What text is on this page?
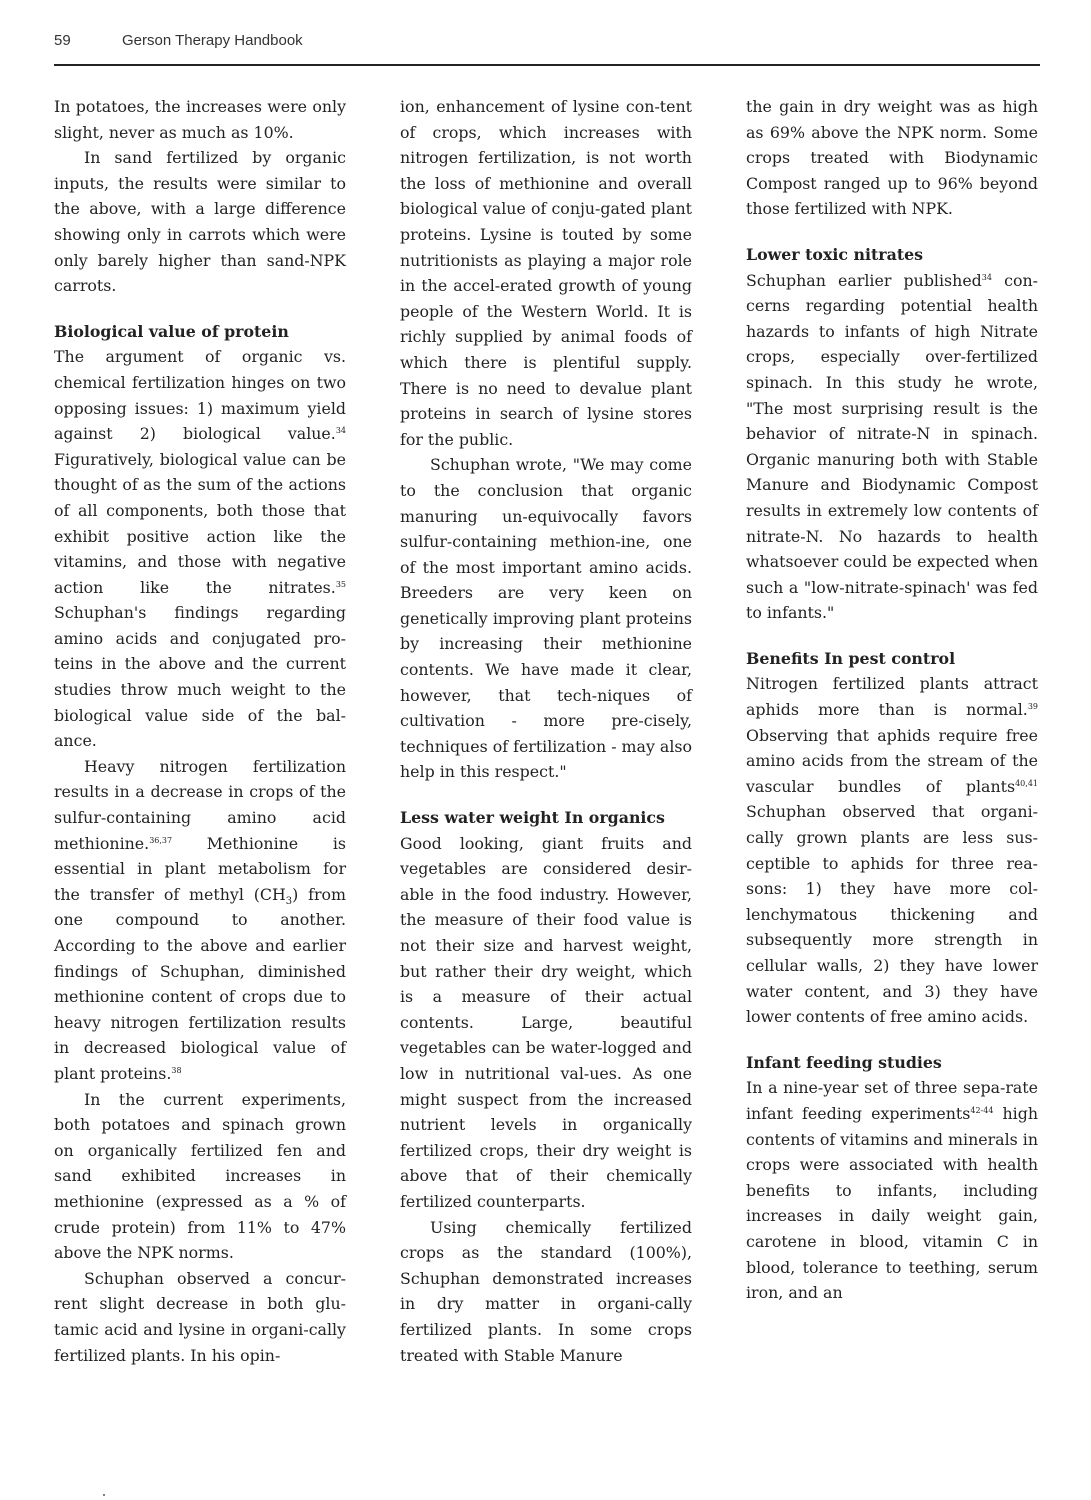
59	Gerson Therapy Handbook

In potatoes, the increases were only slight, never as much as 10%.

In sand fertilized by organic inputs, the results were similar to the above, with a large difference showing only in carrots which were only barely higher than sand-NPK carrots.

Biological value of protein

The argument of organic vs. chemical fertilization hinges on two opposing issues: 1) maximum yield against 2) biological value.$^{34}$ Figuratively, biological value can be thought of as the sum of the actions of all components, both those that exhibit positive action like the vitamins, and those with negative action like the nitrates.$^{35}$ Schuphan's findings regarding amino acids and conjugated pro-teins in the above and the current studies throw much weight to the biological value side of the bal-ance.

Heavy nitrogen fertilization results in a decrease in crops of the sulfur-containing amino acid methionine.$^{36,37}$ Methionine is essential in plant metabolism for the transfer of methyl $(CH_3)$ from one compound to another. According to the above and earlier findings of Schuphan, diminished methionine content of crops due to heavy nitrogen fertilization results in decreased biological value of plant proteins.$^{38}$

In the current experiments, both potatoes and spinach grown on organically fertilized fen and sand exhibited increases in methionine (expressed as a % of crude protein) from 11% to 47% above the NPK norms.

Schuphan observed a concur-rent slight decrease in both glu-tamic acid and lysine in organi-cally fertilized plants. In his opin-

ion, enhancement of lysine con-tent of crops, which increases with nitrogen fertilization, is not worth the loss of methionine and overall biological value of conju-gated plant proteins. Lysine is touted by some nutritionists as playing a major role in the accel-erated growth of young people of the Western World. It is richly supplied by animal foods of which there is plentiful supply. There is no need to devalue plant proteins in search of lysine stores for the public.

Schuphan wrote, "We may come to the conclusion that organic manuring un-equivocally favors sulfur-containing methion-ine, one of the most important amino acids. Breeders are very keen on genetically improving plant proteins by increasing their methionine contents. We have made it clear, however, that tech-niques of cultivation - more pre-cisely, techniques of fertilization - may also help in this respect."

Less water weight In organics

Good looking, giant fruits and vegetables are considered desir-able in the food industry. However, the measure of their food value is not their size and harvest weight, but rather their dry weight, which is a measure of their actual contents. Large, beautiful vegetables can be water-logged and low in nutritional val-ues. As one might suspect from the increased nutrient levels in organically fertilized crops, their dry weight is above that of their chemically fertilized counterparts.

Using chemically fertilized crops as the standard (100%), Schuphan demonstrated increases in dry matter in organi-cally fertilized plants. In some crops treated with Stable Manure

the gain in dry weight was as high as 69% above the NPK norm. Some crops treated with Biodynamic Compost ranged up to 96% beyond those fertilized with NPK.

Lower toxic nitrates

Schuphan earlier published$^{34}$ con-cerns regarding potential health hazards to infants of high Nitrate crops, especially over-fertilized spinach. In this study he wrote, "The most surprising result is the behavior of nitrate-N in spinach. Organic manuring both with Stable Manure and Biodynamic Compost results in extremely low contents of nitrate-N. No hazards to health whatsoever could be expected when such a "low-nitrate-spinach' was fed to infants."

Benefits In pest control

Nitrogen fertilized plants attract aphids more than is normal.$^{39}$ Observing that aphids require free amino acids from the stream of the vascular bundles of plants$^{40,41}$ Schuphan observed that organi-cally grown plants are less sus-ceptible to aphids for three rea-sons: 1) they have more col-lenchymatous thickening and subsequently more strength in cellular walls, 2) they have lower water content, and 3) they have lower contents of free amino acids.

Infant feeding studies

In a nine-year set of three sepa-rate infant feeding experiments$^{42-44}$ high contents of vitamins and minerals in crops were associated with health benefits to infants, including increases in daily weight gain, carotene in blood, vitamin C in blood, tolerance to teething, serum iron, and an
